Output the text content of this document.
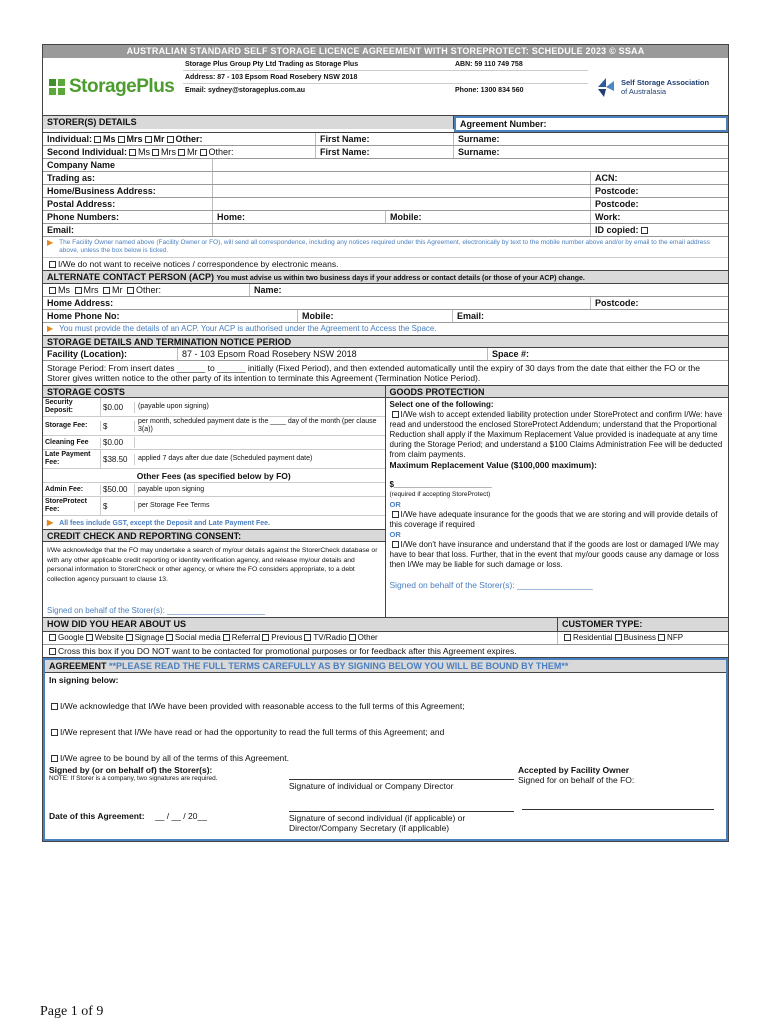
AUSTRALIAN STANDARD SELF STORAGE LICENCE AGREEMENT WITH STOREPROTECT: SCHEDULE 2023 © SSAA
StoragePlus
Storage Plus Group Pty Ltd Trading as Storage Plus	ABN: 59 110 749 758
Address: 87 - 103 Epsom Road Rosebery NSW 2018
Email: sydney@storageplus.com.au	Phone: 1300 834 560
Self Storage Association
of Australasia
STORER(S) DETAILS	Agreement Number:
Individual: Ms Mrs Mr Other:	First Name:	Surname:
Second Individual: Ms Mrs Mr Other:	First Name:	Surname:
Company Name
Trading as:	ACN:
Home/Business Address:	Postcode:
Postal Address:	Postcode:
Phone Numbers:	Home:	Mobile:	Work:
Email:	ID copied:
▶ The Facility Owner named above (Facility Owner or FO), will send all correspondence, including any notices required under this Agreement, electronically by text to the mobile number above and/or by email to the email address above, unless the box below is ticked.
I/We do not want to receive notices / correspondence by electronic means.
ALTERNATE CONTACT PERSON (ACP) You must advise us within two business days if your address or contact details (or those of your ACP) change.
Ms Mrs Mr Other:	Name:
Home Address:	Postcode:
Home Phone No:	Mobile:	Email:
▶ You must provide the details of an ACP. Your ACP is authorised under the Agreement to Access the Space.
STORAGE DETAILS AND TERMINATION NOTICE PERIOD
Facility (Location):	87 - 103 Epsom Road Rosebery NSW 2018	Space #:
Storage Period: From insert dates ______ to ______ initially (Fixed Period), and then extended automatically until the expiry of 30 days from the date that either the FO or the Storer gives written notice to the other party of its intention to terminate this Agreement (Termination Notice Period).
STORAGE COSTS
Security Deposit:	$0.00	(payable upon signing)
Storage Fee:	$	per month, scheduled payment date is the ____ day of the month (per clause 3(a))
Cleaning Fee	$0.00
Late Payment Fee:	$38.50	applied 7 days after due date (Scheduled payment date)
Other Fees (as specified below by FO)
Admin Fee:	$50.00	payable upon signing
StoreProtect Fee:	$	per Storage Fee Terms
▶ All fees include GST, except the Deposit and Late Payment Fee.
CREDIT CHECK AND REPORTING CONSENT:
I/We acknowledge that the FO may undertake a search of my/our details against the StorerCheck database or with any other applicable credit reporting or identity verification agency, and release my/our details and personal information to StorerCheck or other agency, or where the FO considers appropriate, to a debt collection agency pursuant to clause 13.
Signed on behalf of the Storer(s): ______________________
GOODS PROTECTION
Select one of the following:
I/We wish to accept extended liability protection under StoreProtect and confirm I/We: have read and understood the enclosed StoreProtect Addendum; understand that the Proportional Reduction shall apply if the Maximum Replacement Value provided is inadequate at any time during the Storage Period; and understand a $100 Claims Administration Fee will be deducted from claim payments.
Maximum Replacement Value ($100,000 maximum):
$______________________
(required if accepting StoreProtect)
OR
I/We have adequate insurance for the goods that we are storing and will provide details of this coverage if required
OR
I/We don't have insurance and understand that if the goods are lost or damaged I/We may have to bear that loss. Further, that in the event that my/our goods cause any damage or loss then I/We may be liable for such damage or loss.
Signed on behalf of the Storer(s): ________________
HOW DID YOU HEAR ABOUT US	CUSTOMER TYPE:
Google Website Signage Social media Referral Previous TV/Radio Other	Residential Business NFP
Cross this box if you DO NOT want to be contacted for promotional purposes or for feedback after this Agreement expires.
AGREEMENT **PLEASE READ THE FULL TERMS CAREFULLY AS BY SIGNING BELOW YOU WILL BE BOUND BY THEM**
In signing below:
I/We acknowledge that I/We have been provided with reasonable access to the full terms of this Agreement;
I/We represent that I/We have read or had the opportunity to read the full terms of this Agreement; and
I/We agree to be bound by all of the terms of this Agreement.
Signed by (or on behalf of) the Storer(s):
NOTE: If Storer is a company, two signatures are required.
Signature of individual or Company Director
Accepted by Facility Owner
Signed for on behalf of the FO:
Date of this Agreement: __ / __ / 20__	Signature of second individual (if applicable) or Director/Company Secretary (if applicable)
Page 1 of 9
